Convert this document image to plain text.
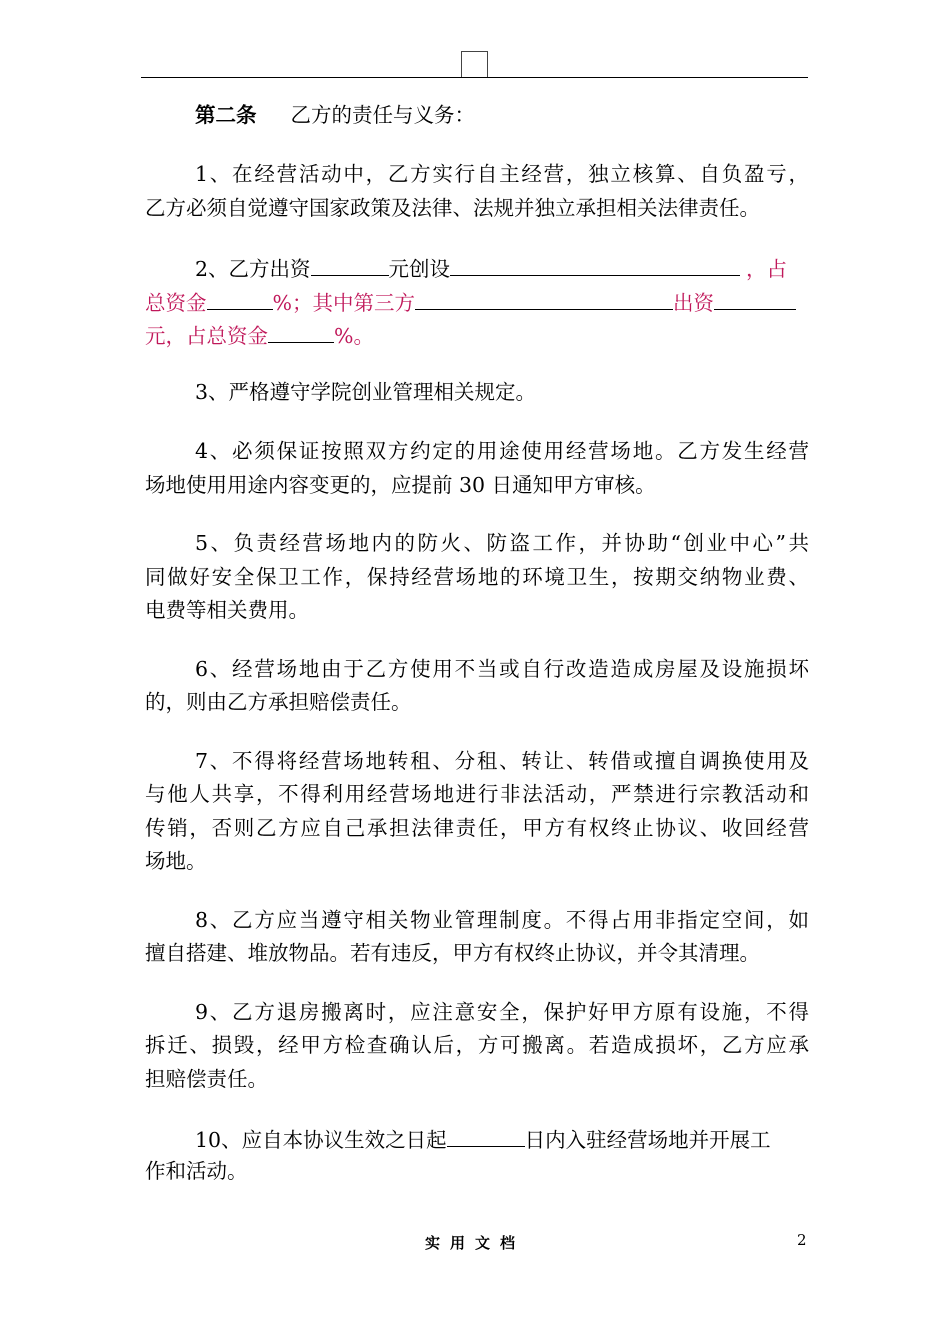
第二条 乙方的责任与义务：
1、在经营活动中，乙方实行自主经营，独立核算、自负盈亏，
乙方必须自觉遵守国家政策及法律、法规并独立承担相关法律责任。
2、乙方出资	元创设	，占
总资金	%；其中第三方	出资
元，占总资金	%。
3、严格遵守学院创业管理相关规定。
4、必须保证按照双方约定的用途使用经营场地。乙方发生经营
场地使用用途内容变更的，应提前 30 日通知甲方审核。
5、负责经营场地内的防火、防盗工作，并协助“创业中心”共
同做好安全保卫工作，保持经营场地的环境卫生，按期交纳物业费、
电费等相关费用。
6、经营场地由于乙方使用不当或自行改造造成房屋及设施损坏
的，则由乙方承担赔偿责任。
7、不得将经营场地转租、分租、转让、转借或擅自调换使用及
与他人共享，不得利用经营场地进行非法活动，严禁进行宗教活动和
传销，否则乙方应自己承担法律责任，甲方有权终止协议、收回经营
场地。
8、乙方应当遵守相关物业管理制度。不得占用非指定空间，如
擅自搭建、堆放物品。若有违反，甲方有权终止协议，并令其清理。
9、乙方退房搬离时，应注意安全，保护好甲方原有设施，不得
拆迁、损毁，经甲方检查确认后，方可搬离。若造成损坏，乙方应承
担赔偿责任。
10、应自本协议生效之日起	日内入驻经营场地并开展工
作和活动。
实用文档	2
